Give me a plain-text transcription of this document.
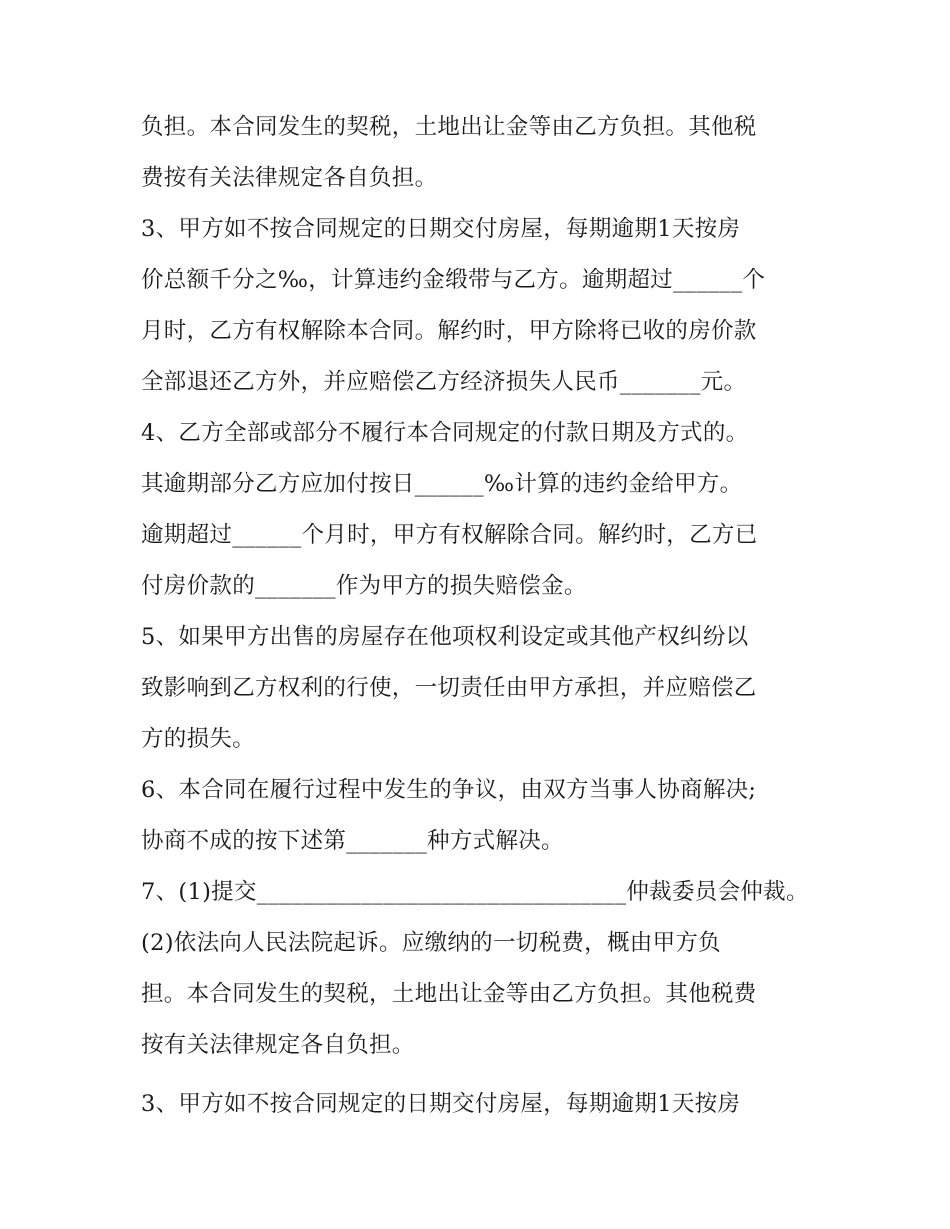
负担。本合同发生的契税，土地出让金等由乙方负担。其他税
费按有关法律规定各自负担。
3、甲方如不按合同规定的日期交付房屋，每期逾期1天按房
价总额千分之‰，计算违约金缎带与乙方。逾期超过______个
月时，乙方有权解除本合同。解约时，甲方除将已收的房价款
全部退还乙方外，并应赔偿乙方经济损失人民币_______元。
4、乙方全部或部分不履行本合同规定的付款日期及方式的。
其逾期部分乙方应加付按日______‰计算的违约金给甲方。
逾期超过______个月时，甲方有权解除合同。解约时，乙方已
付房价款的_______作为甲方的损失赔偿金。
5、如果甲方出售的房屋存在他项权利设定或其他产权纠纷以
致影响到乙方权利的行使，一切责任由甲方承担，并应赔偿乙
方的损失。
6、本合同在履行过程中发生的争议，由双方当事人协商解决;
协商不成的按下述第_______种方式解决。
7、(1)提交________________________________仲裁委员会仲裁。
(2)依法向人民法院起诉。应缴纳的一切税费，概由甲方负
担。本合同发生的契税，土地出让金等由乙方负担。其他税费
按有关法律规定各自负担。
3、甲方如不按合同规定的日期交付房屋，每期逾期1天按房
